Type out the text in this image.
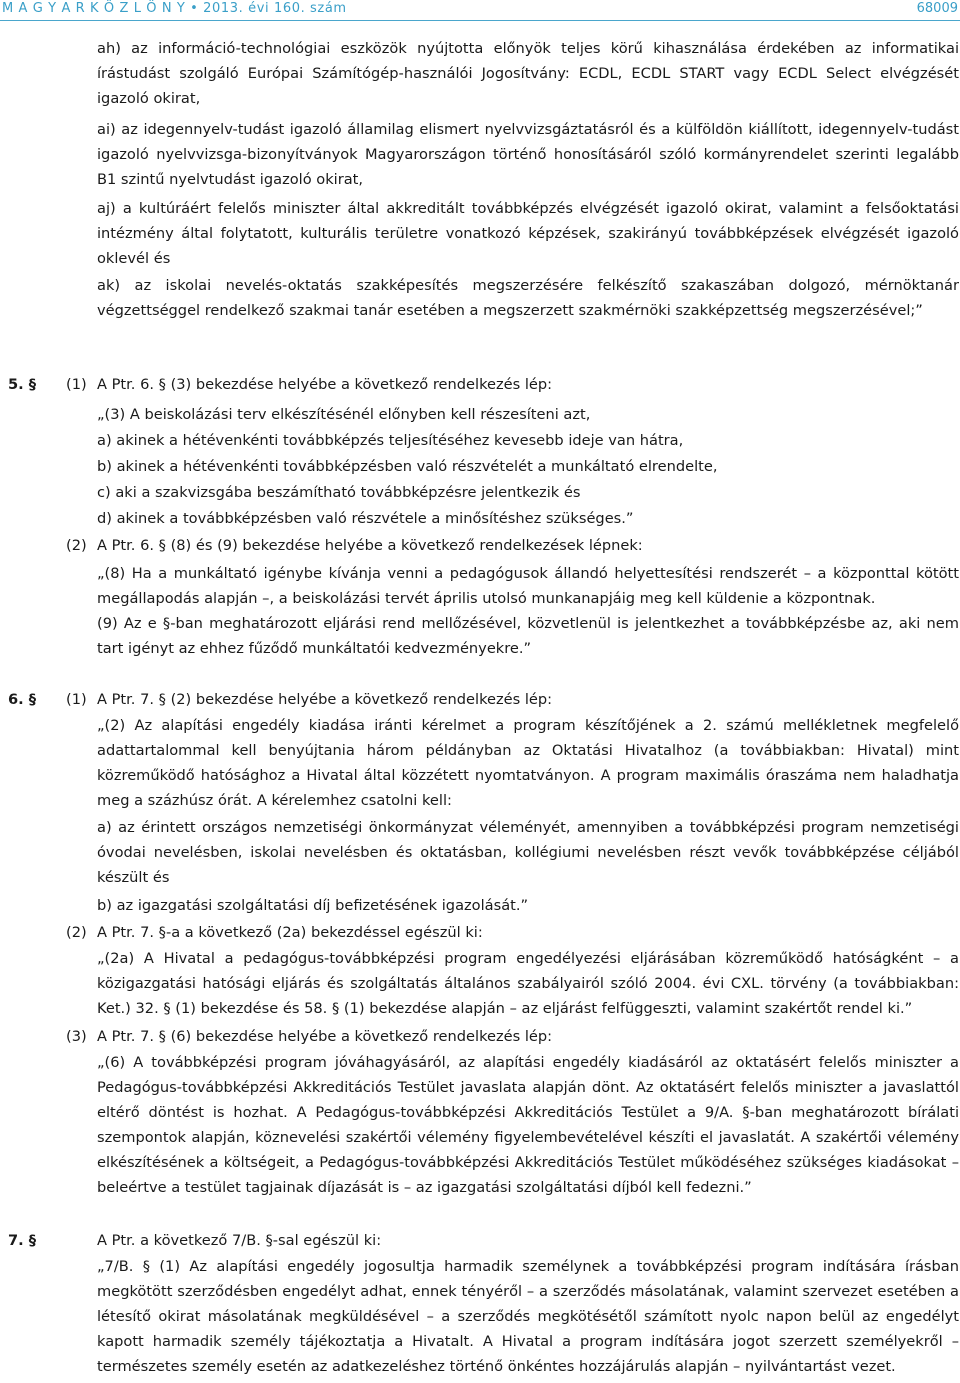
M A G Y A R K Ö Z L Ö N Y • 2013. évi 160. szám	68009
ah) az információ-technológiai eszközök nyújtotta előnyök teljes körű kihasználása érdekében az informatikai írástudást szolgáló Európai Számítógép-használói Jogosítvány: ECDL, ECDL START vagy ECDL Select elvégzését igazoló okirat,
ai) az idegennyelv-tudást igazoló államilag elismert nyelvvizsgáztatásról és a külföldön kiállított, idegennyelv-tudást igazoló nyelvvizsga-bizonyítványok Magyarországon történő honosításáról szóló kormányrendelet szerinti legalább B1 szintű nyelvtudást igazoló okirat,
aj) a kultúráért felelős miniszter által akkreditált továbbképzés elvégzését igazoló okirat, valamint a felsőoktatási intézmény által folytatott, kulturális területre vonatkozó képzések, szakirányú továbbképzések elvégzését igazoló oklevél és
ak) az iskolai nevelés-oktatás szakképesítés megszerzésére felkészítő szakaszában dolgozó, mérnöktanár végzettséggel rendelkező szakmai tanár esetében a megszerzett szakmérnöki szakképzettség megszerzésével;”
5. § (1) A Ptr. 6. § (3) bekezdése helyébe a következő rendelkezés lép:
„(3) A beiskolázási terv elkészítésénél előnyben kell részesíteni azt,
a) akinek a hétévenkénti továbbképzés teljesítéséhez kevesebb ideje van hátra,
b) akinek a hétévenkénti továbbképzésben való részvételét a munkáltató elrendelte,
c) aki a szakvizsgába beszámítható továbbképzésre jelentkezik és
d) akinek a továbbképzésben való részvétele a minősítéshez szükséges.”
(2) A Ptr. 6. § (8) és (9) bekezdése helyébe a következő rendelkezések lépnek:
„(8) Ha a munkáltató igénybe kívánja venni a pedagógusok állandó helyettesítési rendszerét – a központtal kötött megállapodás alapján –, a beiskolázási tervét április utolsó munkanapjáig meg kell küldenie a központnak.
(9) Az e §-ban meghatározott eljárási rend mellőzésével, közvetlenül is jelentkezhet a továbbképzésbe az, aki nem tart igényt az ehhez fűződő munkáltatói kedvezményekre.”
6. § (1) A Ptr. 7. § (2) bekezdése helyébe a következő rendelkezés lép:
„(2) Az alapítási engedély kiadása iránti kérelmet a program készítőjének a 2. számú mellékletnek megfelelő adattartalommal kell benyújtania három példányban az Oktatási Hivatalhoz (a továbbiakban: Hivatal) mint közreműködő hatósághoz a Hivatal által közzétett nyomtatványon. A program maximális óraszáma nem haladhatja meg a százhúsz órát. A kérelemhez csatolni kell:
a) az érintett országos nemzetiségi önkormányzat véleményét, amennyiben a továbbképzési program nemzetiségi óvodai nevelésben, iskolai nevelésben és oktatásban, kollégiumi nevelésben részt vevők továbbképzése céljából készült és
b) az igazgatási szolgáltatási díj befizetésének igazolását.”
(2) A Ptr. 7. §-a a következő (2a) bekezdéssel egészül ki:
„(2a) A Hivatal a pedagógus-továbbképzési program engedélyezési eljárásában közreműködő hatóságként – a közigazgatási hatósági eljárás és szolgáltatás általános szabályairól szóló 2004. évi CXL. törvény (a továbbiakban: Ket.) 32. § (1) bekezdése és 58. § (1) bekezdése alapján – az eljárást felfüggeszti, valamint szakértőt rendel ki.”
(3) A Ptr. 7. § (6) bekezdése helyébe a következő rendelkezés lép:
„(6) A továbbképzési program jóváhagyásáról, az alapítási engedély kiadásáról az oktatásért felelős miniszter a Pedagógus-továbbképzési Akkreditációs Testület javaslata alapján dönt. Az oktatásért felelős miniszter a javaslattól eltérő döntést is hozhat. A Pedagógus-továbbképzési Akkreditációs Testület a 9/A. §-ban meghatározott bírálati szempontok alapján, köznevelési szakértői vélemény figyelembevételével készíti el javaslatát. A szakértői vélemény elkészítésének a költségeit, a Pedagógus-továbbképzési Akkreditációs Testület működéséhez szükséges kiadásokat – beleértve a testület tagjainak díjazását is – az igazgatási szolgáltatási díjból kell fedezni.”
7. §	A Ptr. a következő 7/B. §-sal egészül ki:
„7/B. § (1) Az alapítási engedély jogosultja harmadik személynek a továbbképzési program indítására írásban megkötött szerződésben engedélyt adhat, ennek tényéről – a szerződés másolatának, valamint szervezet esetében a létesítő okirat másolatának megküldésével – a szerződés megkötésétől számított nyolc napon belül az engedélyt kapott harmadik személy tájékoztatja a Hivatalt. A Hivatal a program indítására jogot szerzett személyekről – természetes személy esetén az adatkezeléshez történő önkéntes hozzájárulás alapján – nyilvántartást vezet.
